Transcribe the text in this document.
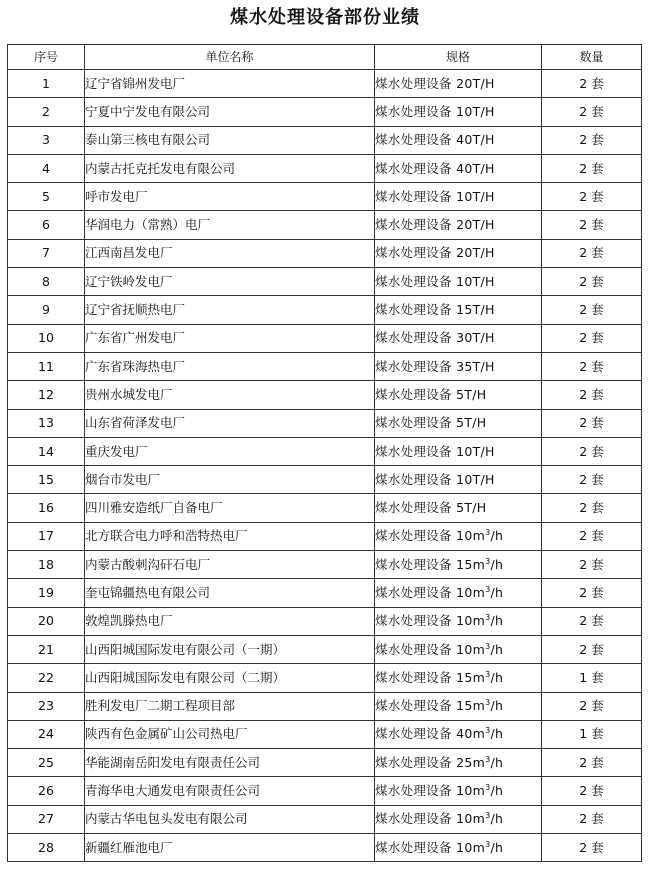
煤水处理设备部份业绩
序号	单位名称	规格	数量
1	辽宁省锦州发电厂	煤水处理设备 20T/H	2 套
2	宁夏中宁发电有限公司	煤水处理设备 10T/H	2 套
3	泰山第三核电有限公司	煤水处理设备 40T/H	2 套
4	内蒙古托克托发电有限公司	煤水处理设备 40T/H	2 套
5	呼市发电厂	煤水处理设备 10T/H	2 套
6	华润电力（常熟）电厂	煤水处理设备 20T/H	2 套
7	江西南昌发电厂	煤水处理设备 20T/H	2 套
8	辽宁铁岭发电厂	煤水处理设备 10T/H	2 套
9	辽宁省抚顺热电厂	煤水处理设备 15T/H	2 套
10	广东省广州发电厂	煤水处理设备 30T/H	2 套
11	广东省珠海热电厂	煤水处理设备 35T/H	2 套
12	贵州水城发电厂	煤水处理设备 5T/H	2 套
13	山东省荷泽发电厂	煤水处理设备 5T/H	2 套
14	重庆发电厂	煤水处理设备 10T/H	2 套
15	烟台市发电厂	煤水处理设备 10T/H	2 套
16	四川雅安造纸厂自备电厂	煤水处理设备 5T/H	2 套
17	北方联合电力呼和浩特热电厂	煤水处理设备 $10m^3/h$	2 套
18	内蒙古酸刺沟矸石电厂	煤水处理设备 $15m^3/h$	2 套
19	奎屯锦疆热电有限公司	煤水处理设备 $10m^3/h$	2 套
20	敦煌凯滕热电厂	煤水处理设备 $10m^3/h$	2 套
21	山西阳城国际发电有限公司（一期）	煤水处理设备 $10m^3/h$	2 套
22	山西阳城国际发电有限公司（二期）	煤水处理设备 $15m^3/h$	1 套
23	胜利发电厂二期工程项目部	煤水处理设备 $15m^3/h$	2 套
24	陕西有色金属矿山公司热电厂	煤水处理设备 $40m^3/h$	1 套
25	华能湖南岳阳发电有限责任公司	煤水处理设备 $25m^3/h$	2 套
26	青海华电大通发电有限责任公司	煤水处理设备 $10m^3/h$	2 套
27	内蒙古华电包头发电有限公司	煤水处理设备 $10m^3/h$	2 套
28	新疆红雁池电厂	煤水处理设备 $10m^3/h$	2 套
